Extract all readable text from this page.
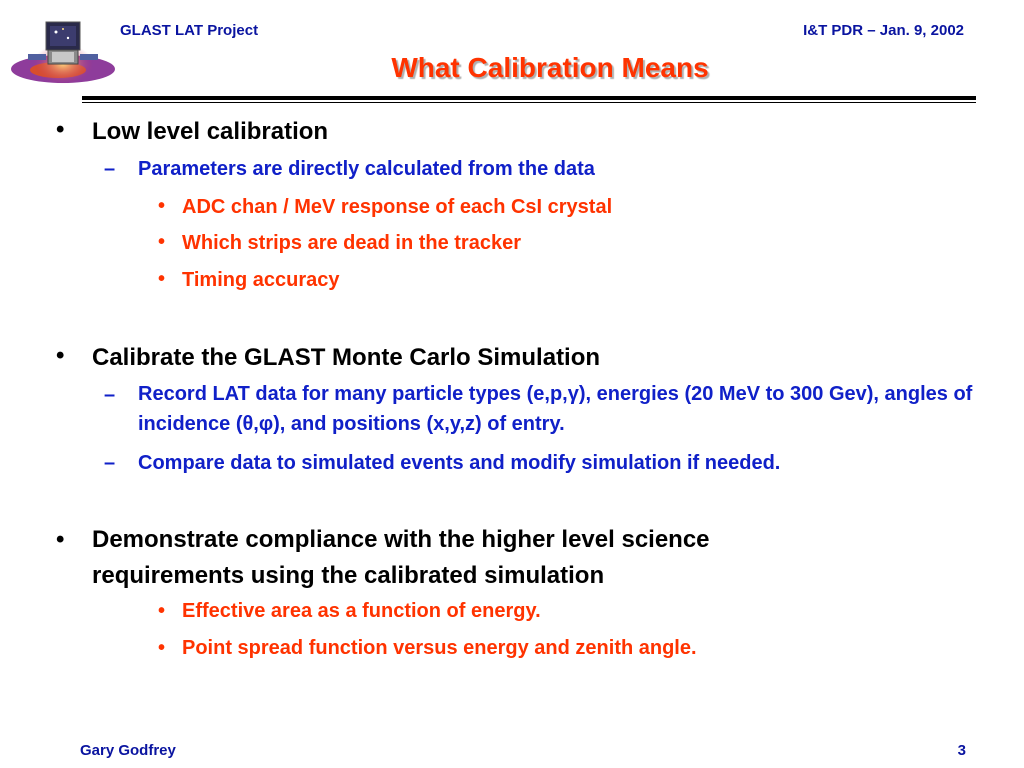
GLAST LAT Project	I&T PDR – Jan. 9, 2002
What Calibration Means
• Low level calibration
– Parameters are directly calculated from the data
• ADC chan / MeV response of each CsI crystal
• Which strips are dead in the tracker
• Timing accuracy
• Calibrate the GLAST Monte Carlo Simulation
– Record LAT data for many particle types (e,p,γ), energies (20 MeV to 300 Gev), angles of incidence (θ,φ), and positions (x,y,z) of entry.
– Compare data to simulated events and modify simulation if needed.
• Demonstrate compliance with the higher level science requirements using the calibrated simulation
• Effective area as a function of energy.
• Point spread function versus energy and zenith angle.
Gary Godfrey	3
